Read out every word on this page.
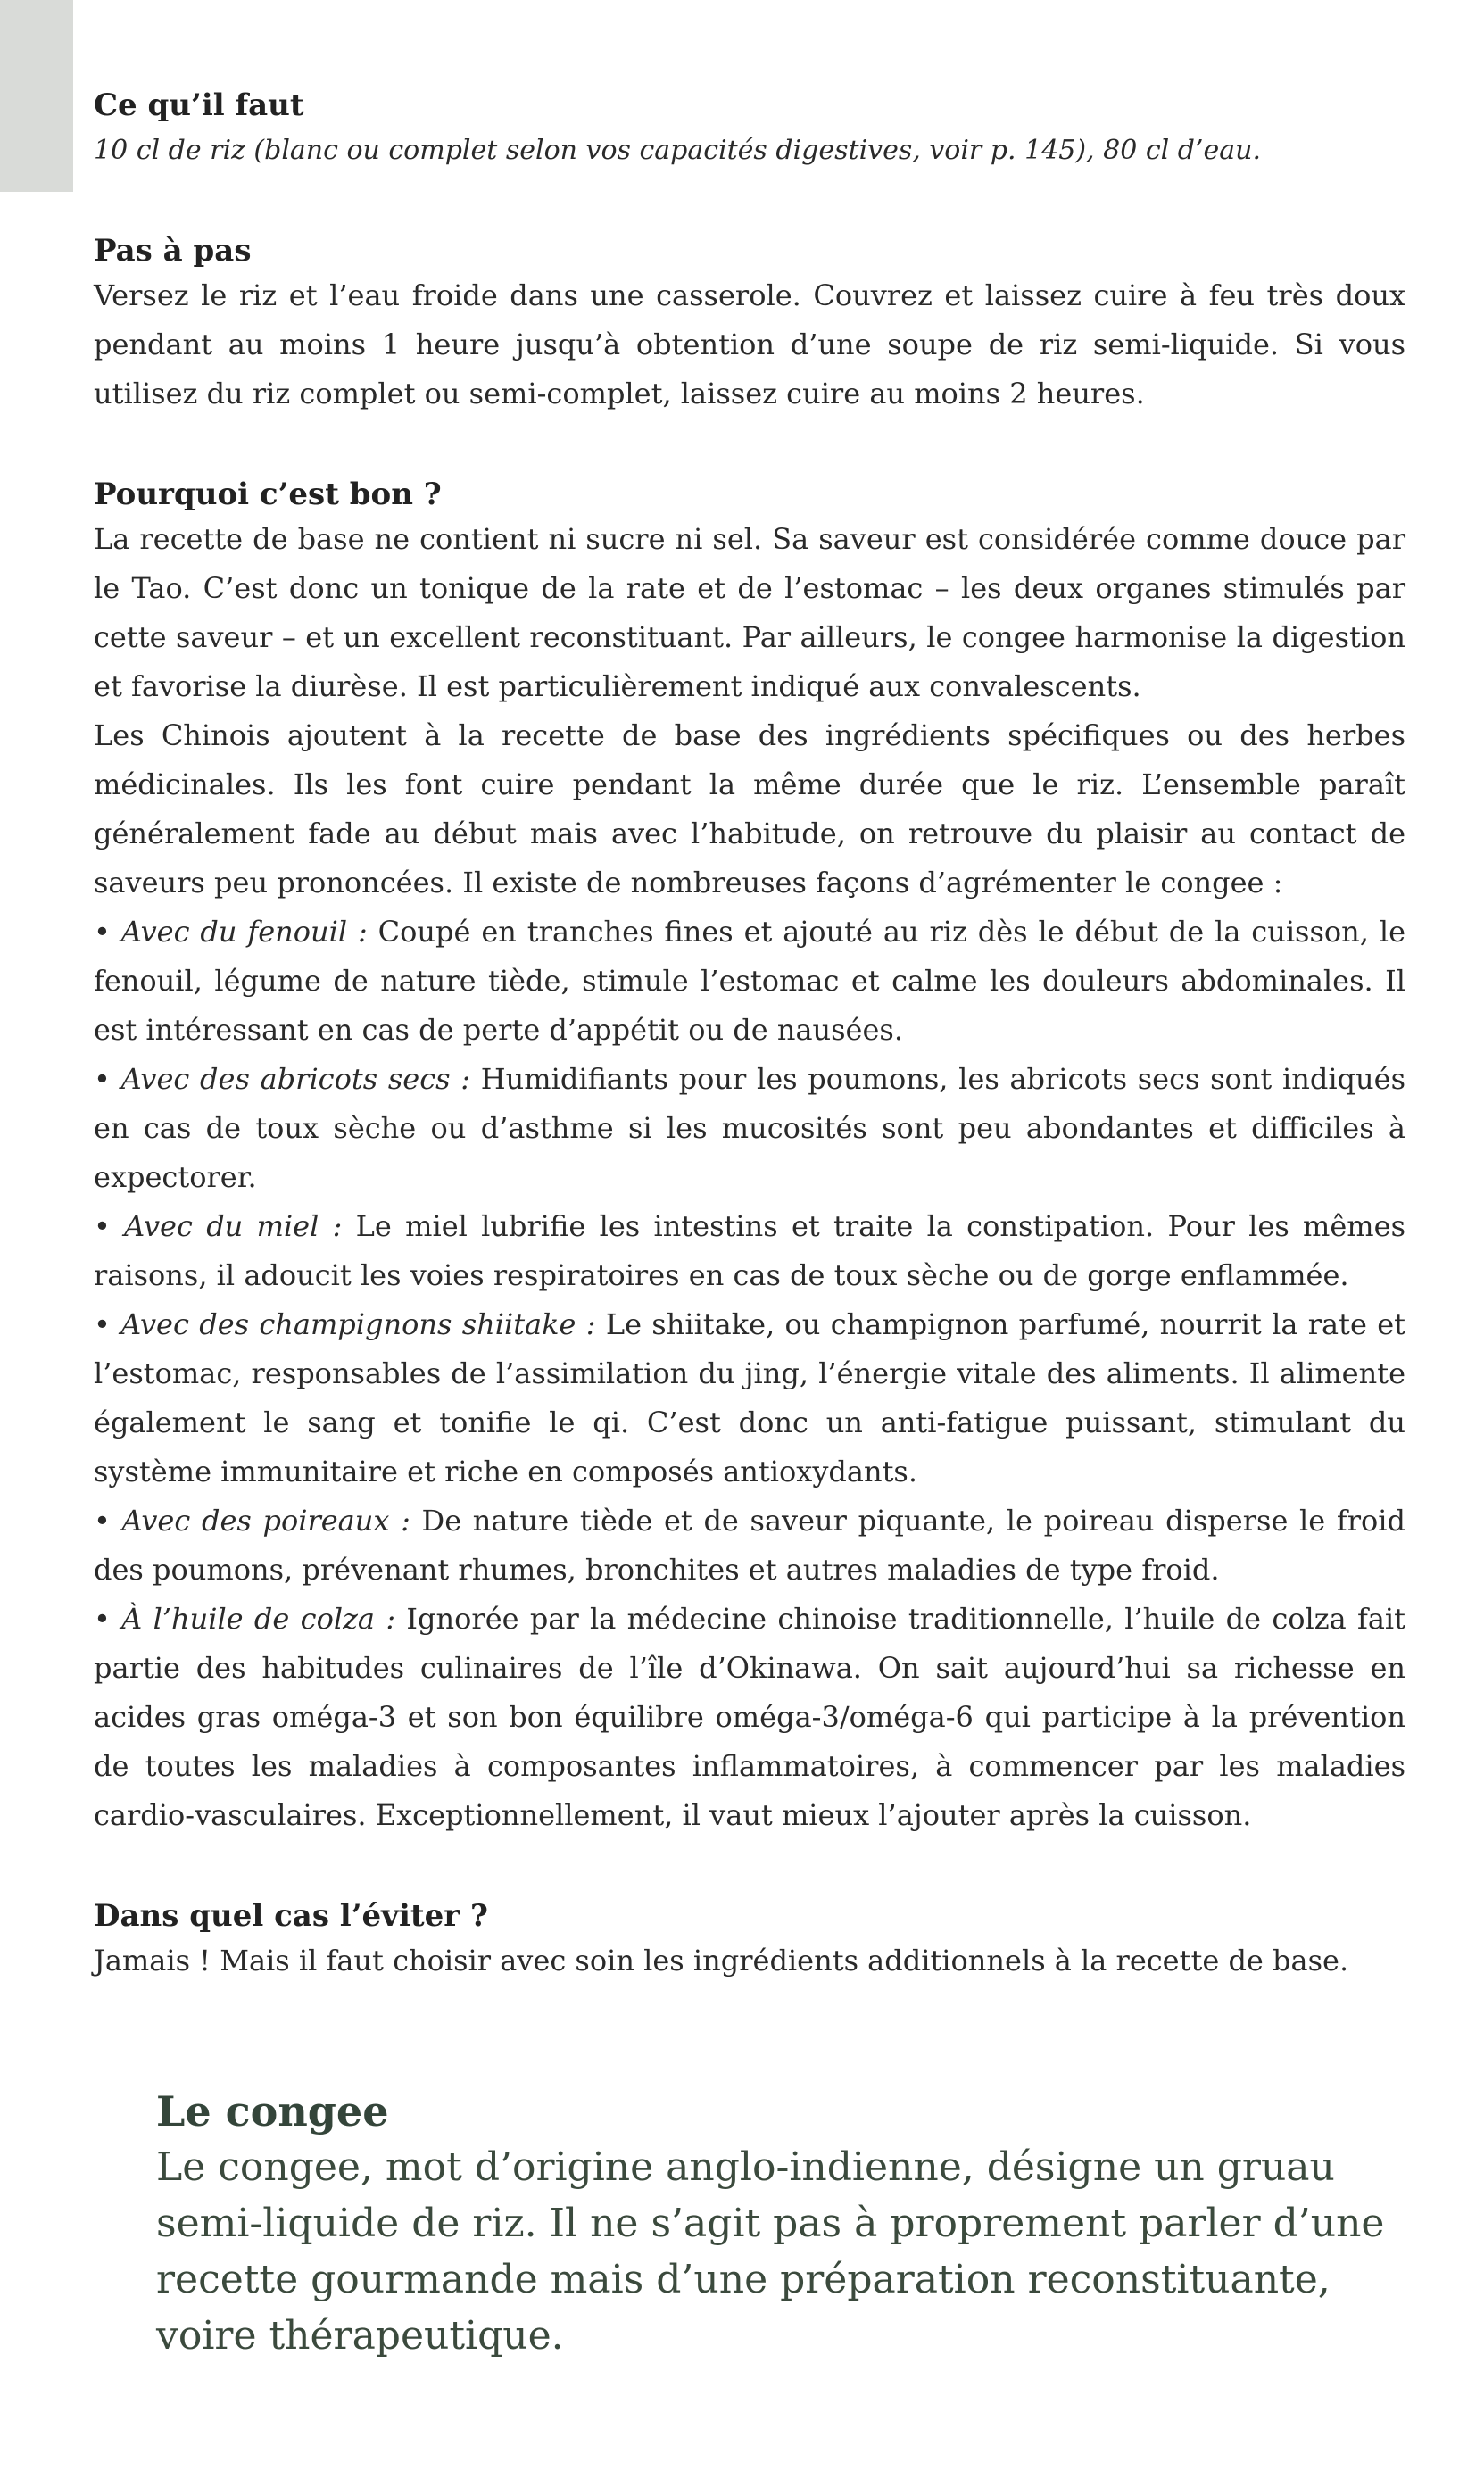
Ce qu’il faut

10 cl de riz (blanc ou complet selon vos capacités digestives, voir p. 145), 80 cl d’eau.

Pas à pas

Versez le riz et l’eau froide dans une casserole. Couvrez et laissez cuire à feu très doux pendant au moins 1 heure jusqu’à obtention d’une soupe de riz semi-liquide. Si vous utilisez du riz complet ou semi-complet, laissez cuire au moins 2 heures.

Pourquoi c’est bon ?

La recette de base ne contient ni sucre ni sel. Sa saveur est considérée comme douce par le Tao. C’est donc un tonique de la rate et de l’estomac – les deux organes stimulés par cette saveur – et un excellent reconstituant. Par ailleurs, le congee harmonise la digestion et favorise la diurèse. Il est particulièrement indiqué aux convalescents.

Les Chinois ajoutent à la recette de base des ingrédients spécifiques ou des herbes médicinales. Ils les font cuire pendant la même durée que le riz. L’ensemble paraît généralement fade au début mais avec l’habitude, on retrouve du plaisir au contact de saveurs peu prononcées. Il existe de nombreuses façons d’agrémenter le congee :

• Avec du fenouil : Coupé en tranches fines et ajouté au riz dès le début de la cuisson, le fenouil, légume de nature tiède, stimule l’estomac et calme les douleurs abdominales. Il est intéressant en cas de perte d’appétit ou de nausées.

• Avec des abricots secs : Humidifiants pour les poumons, les abricots secs sont indiqués en cas de toux sèche ou d’asthme si les mucosités sont peu abondantes et difficiles à expectorer.

• Avec du miel : Le miel lubrifie les intestins et traite la constipation. Pour les mêmes raisons, il adoucit les voies respiratoires en cas de toux sèche ou de gorge enflammée.

• Avec des champignons shiitake : Le shiitake, ou champignon parfumé, nourrit la rate et l’estomac, responsables de l’assimilation du jing, l’énergie vitale des aliments. Il alimente également le sang et tonifie le qi. C’est donc un anti-fatigue puissant, stimulant du système immunitaire et riche en composés antioxydants.

• Avec des poireaux : De nature tiède et de saveur piquante, le poireau disperse le froid des poumons, prévenant rhumes, bronchites et autres maladies de type froid.

• À l’huile de colza : Ignorée par la médecine chinoise traditionnelle, l’huile de colza fait partie des habitudes culinaires de l’île d’Okinawa. On sait aujourd’hui sa richesse en acides gras oméga-3 et son bon équilibre oméga-3/oméga-6 qui participe à la prévention de toutes les maladies à composantes inflammatoires, à commencer par les maladies cardio-vasculaires. Exceptionnellement, il vaut mieux l’ajouter après la cuisson.

Dans quel cas l’éviter ?

Jamais ! Mais il faut choisir avec soin les ingrédients additionnels à la recette de base.

Le congee

Le congee, mot d’origine anglo-indienne, désigne un gruau semi-liquide de riz. Il ne s’agit pas à proprement parler d’une recette gourmande mais d’une préparation reconstituante, voire thérapeutique.
